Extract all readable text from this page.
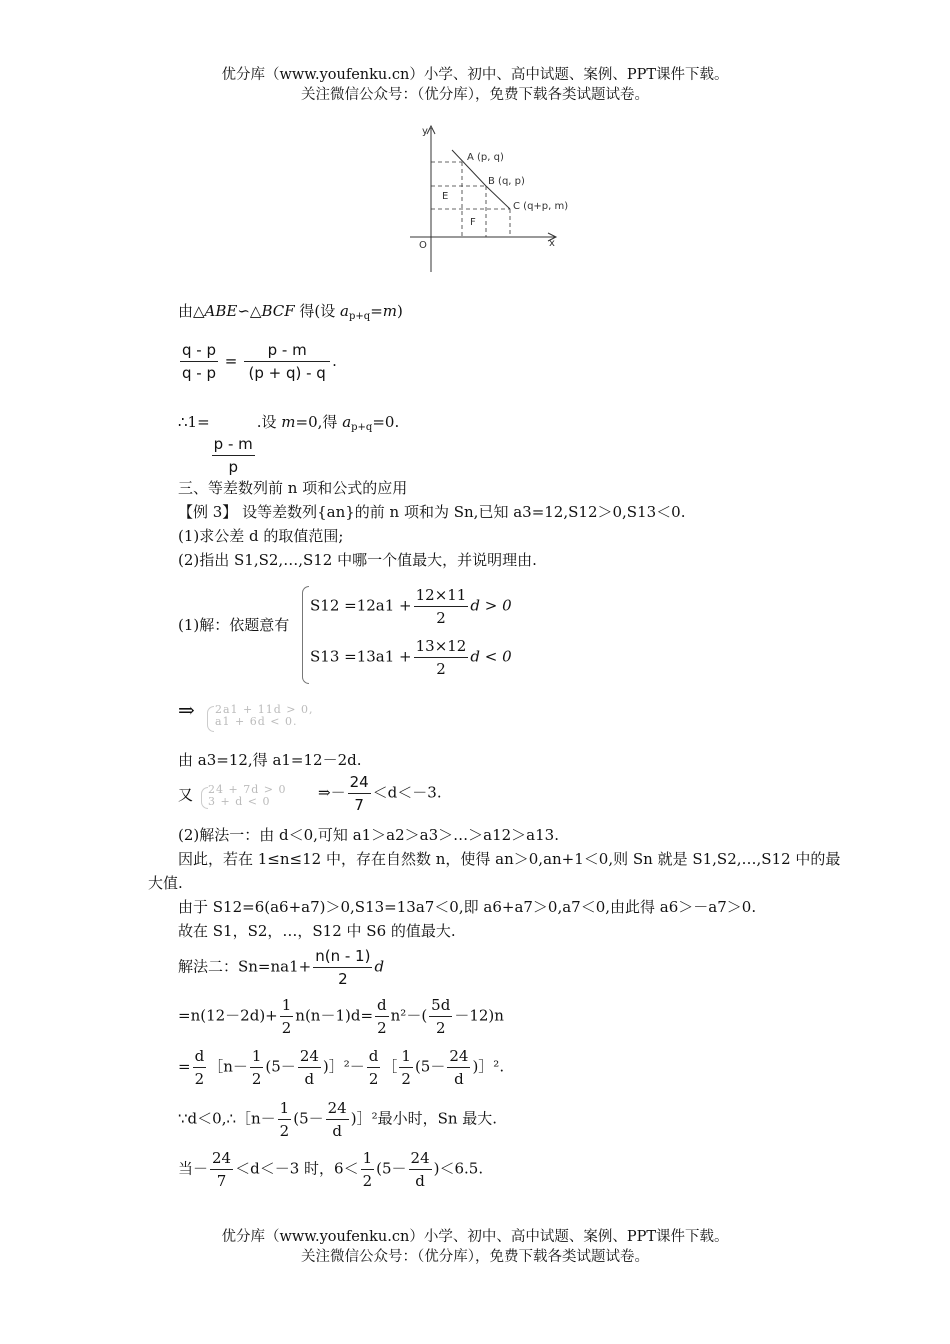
优分库（www.youfenku.cn）小学、初中、高中试题、案例、PPT课件下载。
关注微信公众号：（优分库），免费下载各类试题试卷。
y
x
O
A (p, q)
B (q, p)
C (q+p, m)
E
F
由△ABE∽△BCF 得(设 $a_{p+q}=m$)
$\frac{q - p}{q - p} = \frac{p - m}{(p + q) - q}$ .
∴1=
$\frac{p - m}{p}$
.设 m=0,得 $a_{p+q}=0$.
三、等差数列前 n 项和公式的应用
【例 3】 设等差数列{an}的前 n 项和为 Sn,已知 a3=12,S12＞0,S13＜0.
(1)求公差 d 的取值范围;
(2)指出 S1,S2,…,S12 中哪一个值最大，并说明理由.
(1)解：依题意有
$S12 =12a1 + \frac{12\times 11}{2}$ d > 0
$S13 =13a1 + \frac{13\times 12}{2}$ d < 0
⇒ 2a1 + 11d > 0,
a1 + 6d < 0.
由 a3=12,得 a1=12－2d.
又 24 + 7d > 0
3 + d < 0	⇒－ $\frac{24}{7} <d<-3$.
(2)解法一：由 d＜0,可知 a1＞a2＞a3＞…＞a12＞a13.
因此，若在 1≤n≤12 中，存在自然数 n，使得 an＞0,an+1＜0,则 Sn 就是 S1,S2,…,S12 中的最
大值.
由于 S12=6(a6+a7)＞0,S13=13a7＜0,即 a6+a7＞0,a7＜0,由此得 a6＞－a7＞0.
故在 S1，S2，…，S12 中 S6 的值最大.
解法二：$Sn=na1+ \frac{n(n - 1)}{2}$ d
$=n(12-2d)+ \frac{1}{2} n(n-1)d= \frac{d}{2} n^2-( \frac{5d}{2} -12)n$
= $\frac{d}{2}$ ［n－ $\frac{1}{2} (5- \frac{24}{d}$ )］²－ $\frac{d}{2}$ ［ $\frac{1}{2} (5- \frac{24}{d}$ )］².
∵d＜0,∴［n－ $\frac{1}{2} (5- \frac{24}{d}$ )］²最小时，Sn 最大.
当－ $\frac{24}{7} <d<-3$ 时，$6< \frac{1}{2} (5- \frac{24}{d} )<6.5$.
优分库（www.youfenku.cn）小学、初中、高中试题、案例、PPT课件下载。
关注微信公众号：（优分库），免费下载各类试题试卷。
